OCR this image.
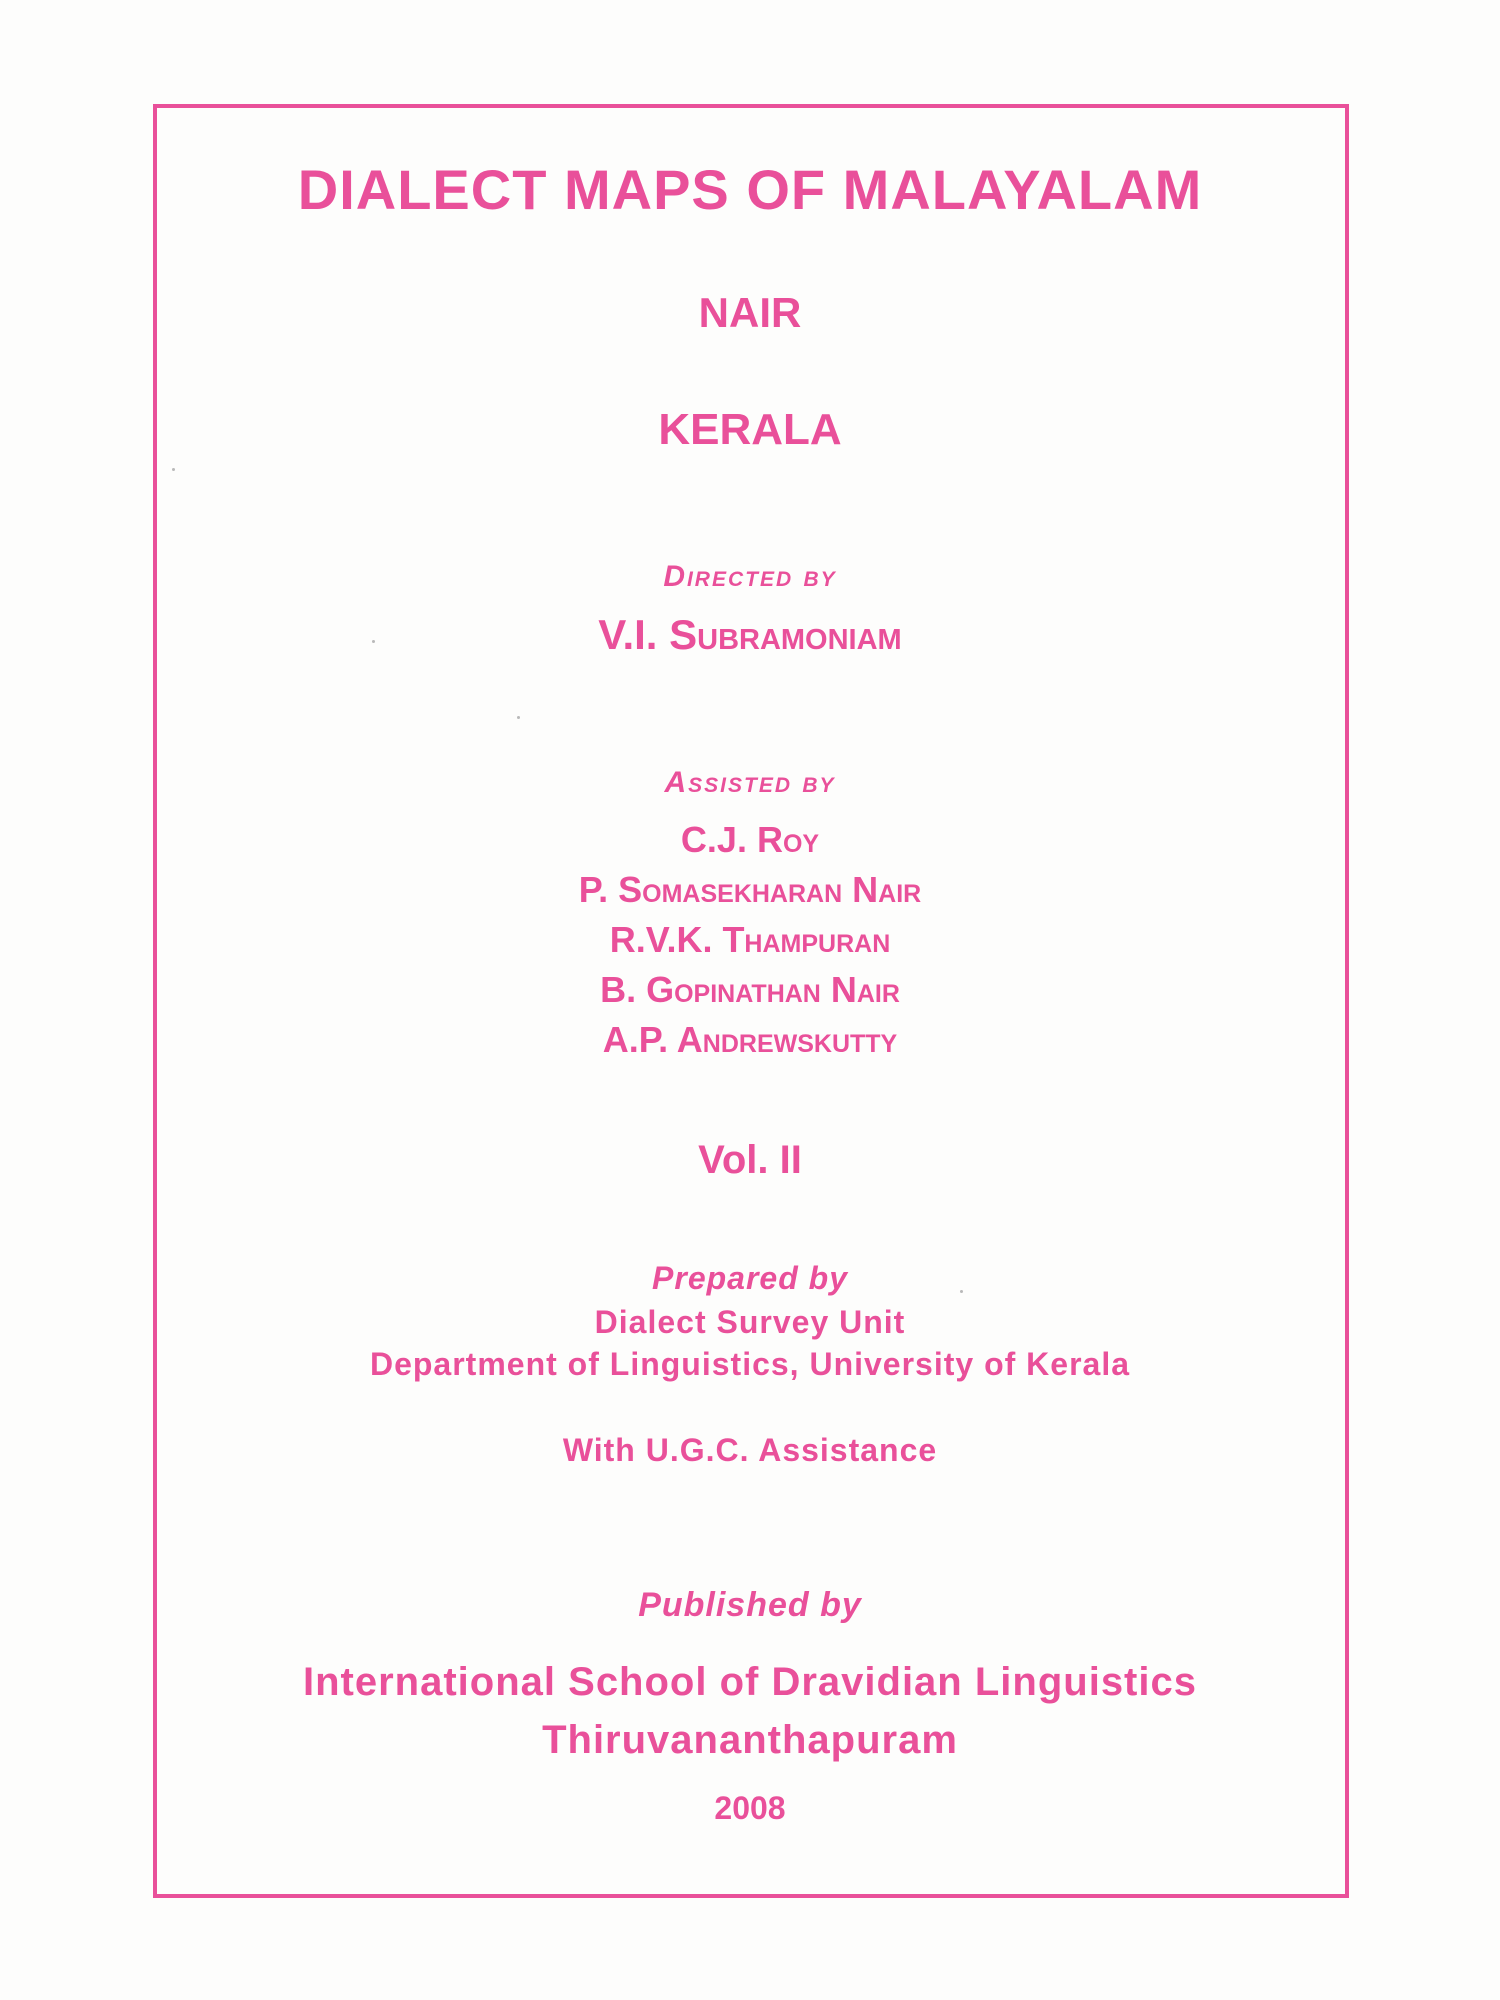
DIALECT MAPS OF MALAYALAM
NAIR
KERALA
Directed by
V.I. Subramoniam
Assisted by
C.J. Roy
P. Somasekharan Nair
R.V.K. Thampuran
B. Gopinathan Nair
A.P. Andrewskutty
Vol. II
Prepared by
Dialect Survey Unit
Department of Linguistics, University of Kerala
With U.G.C. Assistance
Published by
International School of Dravidian Linguistics
Thiruvananthapuram
2008
